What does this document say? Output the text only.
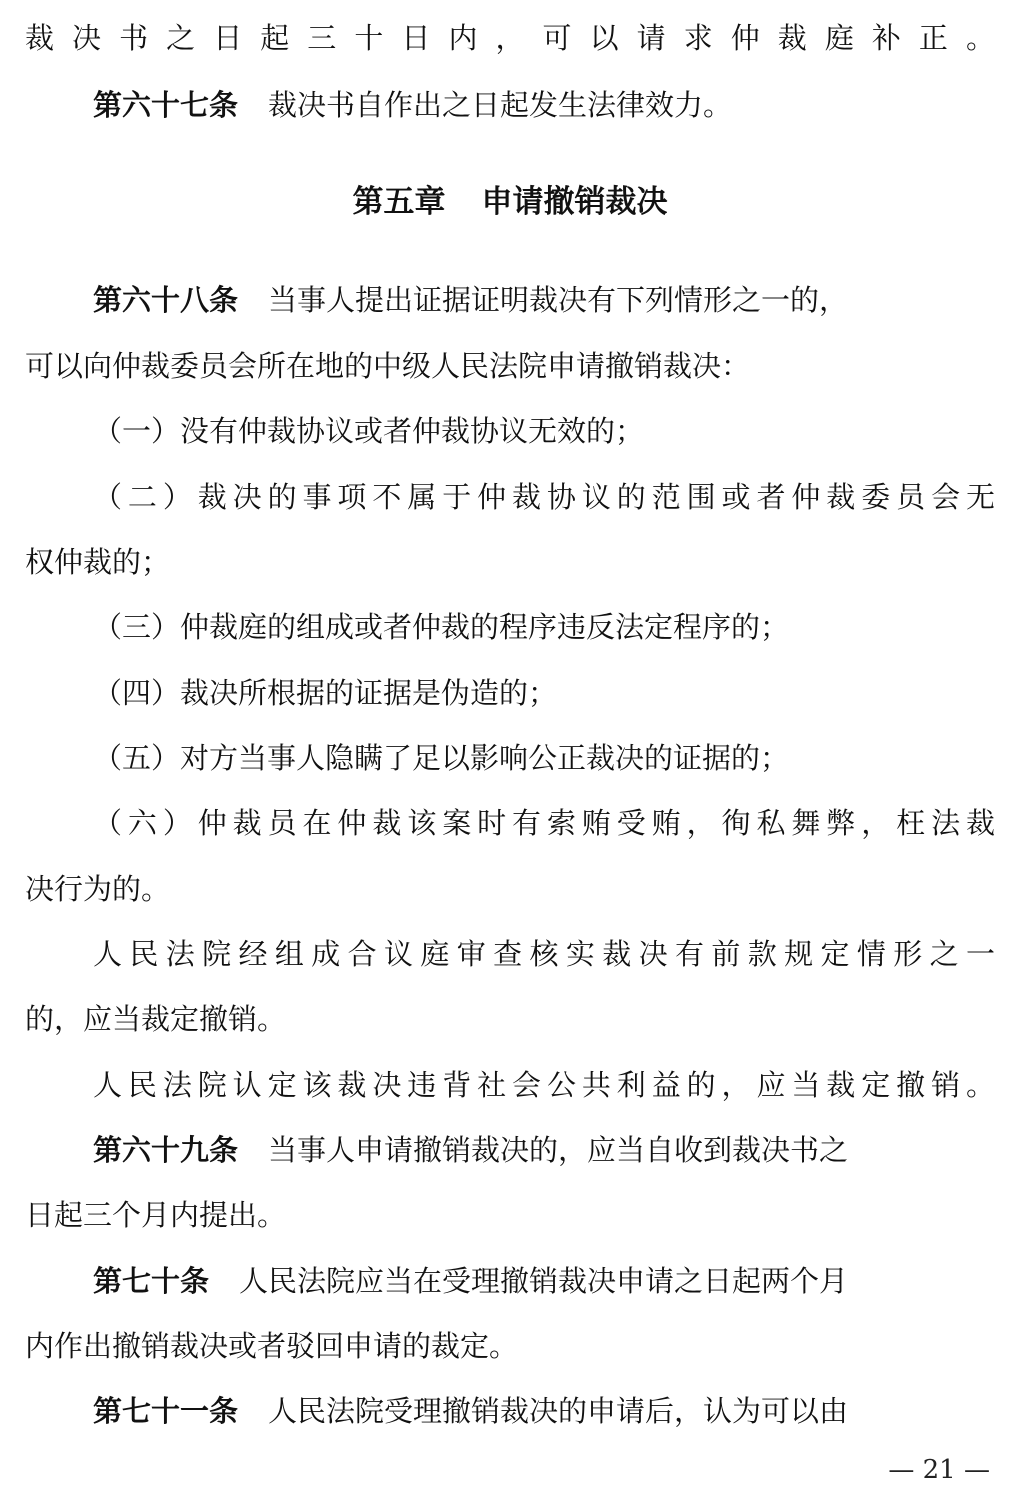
裁决书之日起三十日内，可以请求仲裁庭补正。
第六十七条 裁决书自作出之日起发生法律效力。
第五章 申请撤销裁决
第六十八条 当事人提出证据证明裁决有下列情形之一的，
可以向仲裁委员会所在地的中级人民法院申请撤销裁决：
（一）没有仲裁协议或者仲裁协议无效的；
（二）裁决的事项不属于仲裁协议的范围或者仲裁委员会无
权仲裁的；
（三）仲裁庭的组成或者仲裁的程序违反法定程序的；
（四）裁决所根据的证据是伪造的；
（五）对方当事人隐瞒了足以影响公正裁决的证据的；
（六）仲裁员在仲裁该案时有索贿受贿，徇私舞弊，枉法裁
决行为的。
人民法院经组成合议庭审查核实裁决有前款规定情形之一
的，应当裁定撤销。
人民法院认定该裁决违背社会公共利益的，应当裁定撤销。
第六十九条 当事人申请撤销裁决的，应当自收到裁决书之
日起三个月内提出。
第七十条 人民法院应当在受理撤销裁决申请之日起两个月
内作出撤销裁决或者驳回申请的裁定。
第七十一条 人民法院受理撤销裁决的申请后，认为可以由
— 21 —
